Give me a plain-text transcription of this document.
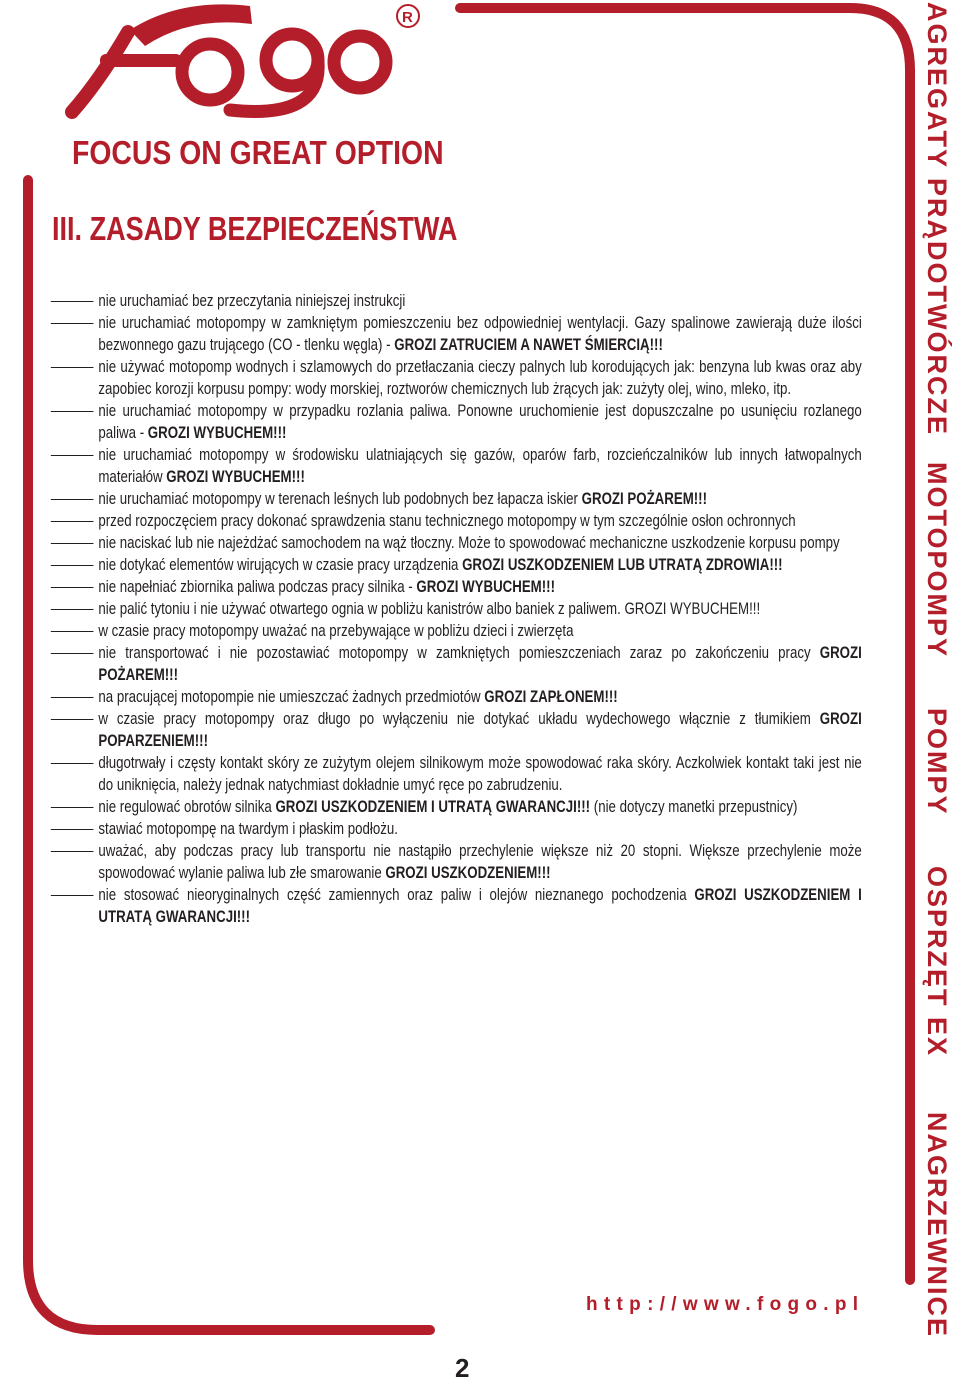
R
FOCUS ON GREAT OPTION
III. ZASADY BEZPIECZEŃSTWA
nie uruchamiać bez przeczytania niniejszej instrukcji
nie uruchamiać motopompy w zamkniętym pomieszczeniu bez odpowiedniej wentylacji. Gazy spalinowe zawierają duże ilości bezwonnego gazu trującego (CO - tlenku węgla) - GROZI ZATRUCIEM A NAWET ŚMIERCIĄ!!!
nie używać motopomp wodnych i szlamowych do przetłaczania cieczy palnych lub korodujących jak: benzyna lub kwas oraz aby zapobiec korozji korpusu pompy: wody morskiej, roztworów chemicznych lub żrących jak: zużyty olej, wino, mleko, itp.
nie uruchamiać motopompy w przypadku rozlania paliwa. Ponowne uruchomienie jest dopuszczalne po usunięciu rozlanego paliwa - GROZI WYBUCHEM!!!
nie uruchamiać motopompy w środowisku ulatniających się gazów, oparów farb, rozcieńczalników lub innych łatwopalnych materiałów GROZI WYBUCHEM!!!
nie uruchamiać motopompy w terenach leśnych lub podobnych bez łapacza iskier GROZI POŻAREM!!!
przed rozpoczęciem pracy dokonać sprawdzenia stanu technicznego motopompy w tym szczególnie osłon ochronnych
nie naciskać lub nie najeżdżać samochodem na wąż tłoczny. Może to spowodować mechaniczne uszkodzenie korpusu pompy
nie dotykać elementów wirujących w czasie pracy urządzenia GROZI USZKODZENIEM LUB UTRATĄ ZDROWIA!!!
nie napełniać zbiornika paliwa podczas pracy silnika - GROZI WYBUCHEM!!!
nie palić tytoniu i nie używać otwartego ognia w pobliżu kanistrów albo baniek z paliwem. GROZI WYBUCHEM!!!
w czasie pracy motopompy uważać na przebywające w pobliżu dzieci i zwierzęta
nie transportować i nie pozostawiać motopompy w zamkniętych pomieszczeniach zaraz po zakończeniu pracy GROZI POŻAREM!!!
na pracującej motopompie nie umieszczać żadnych przedmiotów GROZI ZAPŁONEM!!!
w czasie pracy motopompy oraz długo po wyłączeniu nie dotykać układu wydechowego włącznie z tłumikiem GROZI POPARZENIEM!!!
długotrwały i częsty kontakt skóry ze zużytym olejem silnikowym może spowodować raka skóry. Aczkolwiek kontakt taki jest nie do uniknięcia, należy jednak natychmiast dokładnie umyć ręce po zabrudzeniu.
nie regulować obrotów silnika GROZI USZKODZENIEM I UTRATĄ GWARANCJI!!! (nie dotyczy manetki przepustnicy)
stawiać motopompę na twardym i płaskim podłożu.
uważać, aby podczas pracy lub transportu nie nastąpiło przechylenie większe niż 20 stopni. Większe przechylenie może spowodować wylanie paliwa lub złe smarowanie GROZI USZKODZENIEM!!!
nie stosować nieoryginalnych część zamiennych oraz paliw i olejów nieznanego pochodzenia GROZI USZKODZENIEM I UTRATĄ GWARANCJI!!!

http://www.fogo.pl

2

AGREGATY PRĄDOTWÓRCZE
MOTOPOMPY
POMPY
OSPRZĘT EX
NAGRZEWNICE
